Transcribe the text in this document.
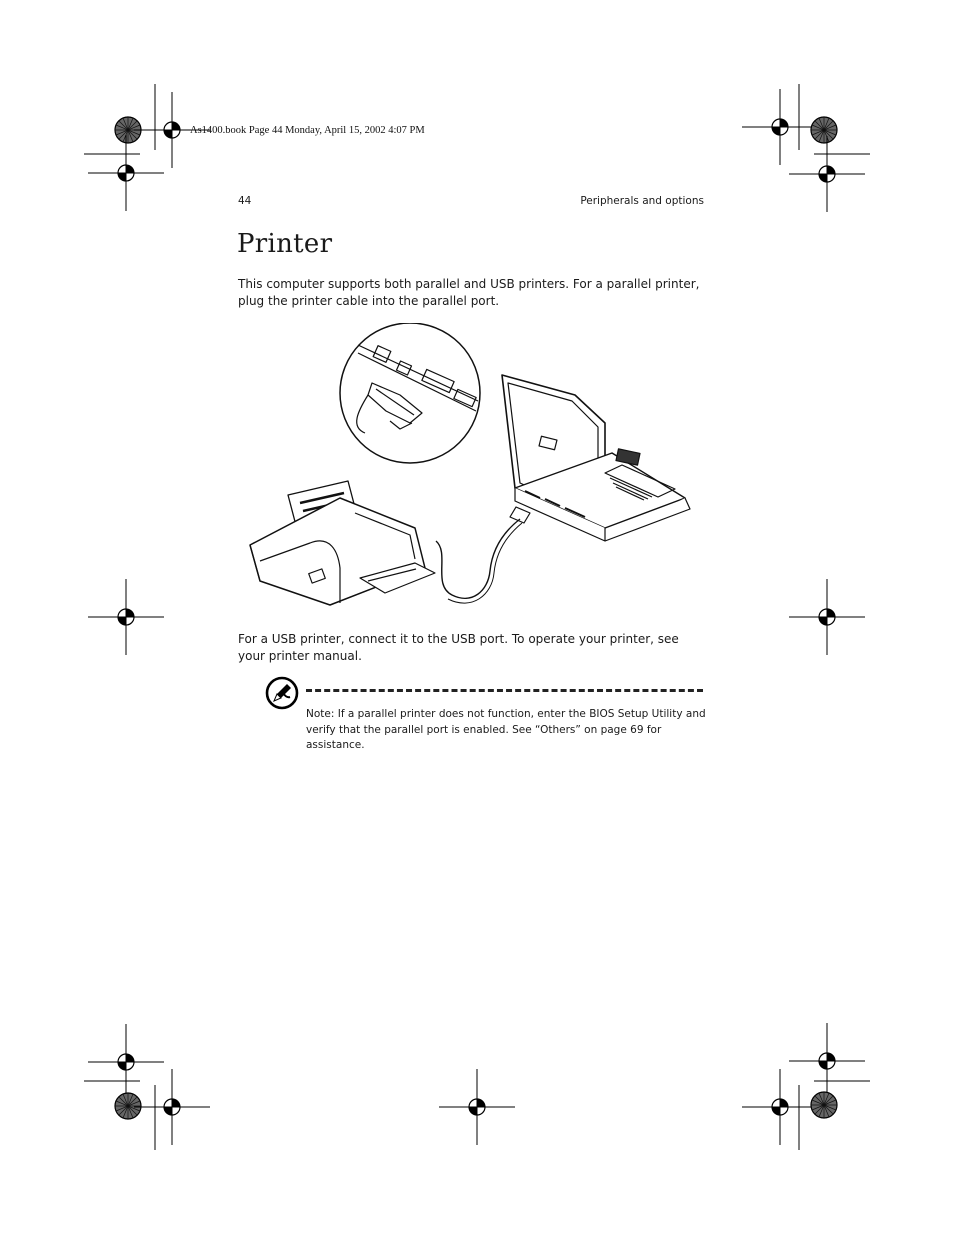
As1400.book Page 44 Monday, April 15, 2002 4:07 PM
44	Peripherals and options
Printer

This computer supports both parallel and USB printers. For a parallel printer, plug the printer cable into the parallel port.

For a USB printer, connect it to the USB port. To operate your printer, see your printer manual.

Note: If a parallel printer does not function, enter the BIOS Setup Utility and verify that the parallel port is enabled. See “Others” on page 69 for assistance.
